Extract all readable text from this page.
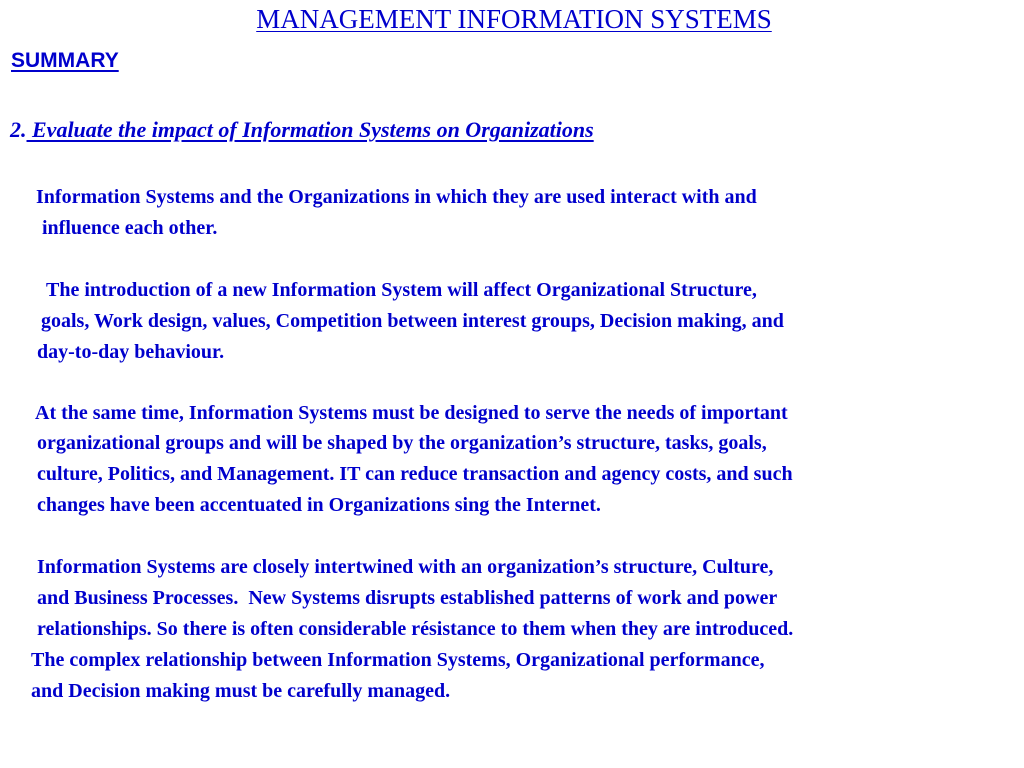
MANAGEMENT INFORMATION SYSTEMS
SUMMARY
2. Evaluate the impact of Information Systems on Organizations
Information Systems and the Organizations in which they are used interact with and
influence each other.
The introduction of a new Information System will affect Organizational Structure,
goals, Work design, values, Competition between interest groups, Decision making, and
day-to-day behaviour.
At the same time, Information Systems must be designed to serve the needs of important
organizational groups and will be shaped by the organization’s structure, tasks, goals,
culture, Politics, and Management. IT can reduce transaction and agency costs, and such
changes have been accentuated in Organizations sing the Internet.
Information Systems are closely intertwined with an organization’s structure, Culture,
and Business Processes.  New Systems disrupts established patterns of work and power
relationships. So there is often considerable résistance to them when they are introduced.
The complex relationship between Information Systems, Organizational performance,
and Decision making must be carefully managed.
